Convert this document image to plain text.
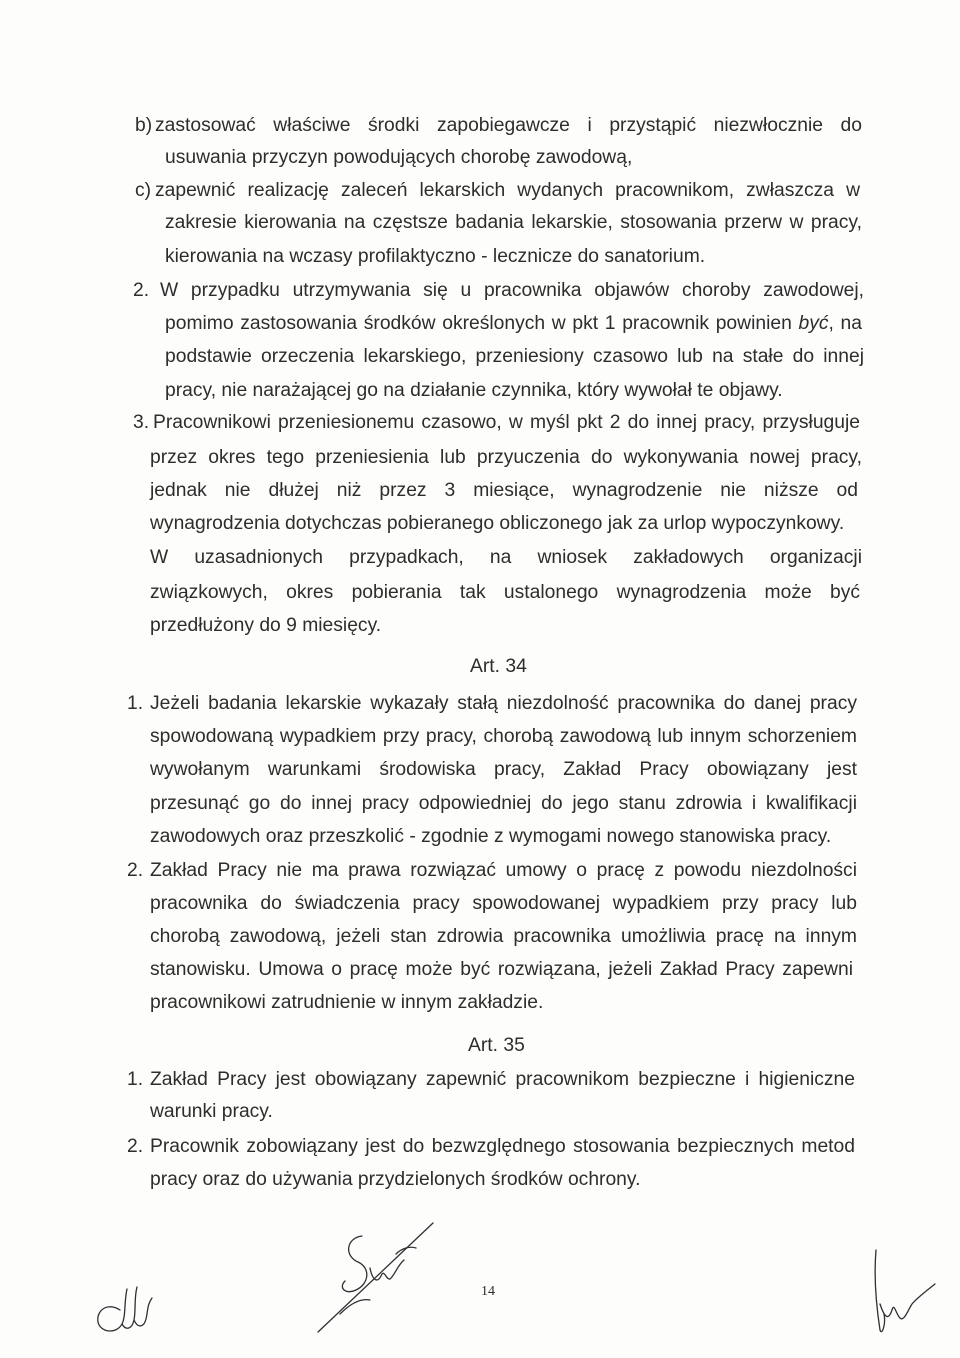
b) zastosować właściwe środki zapobiegawcze i przystąpić niezwłocznie do
usuwania przyczyn powodujących chorobę zawodową,
c) zapewnić realizację zaleceń lekarskich wydanych pracownikom, zwłaszcza w
zakresie kierowania na częstsze badania lekarskie, stosowania przerw w pracy,
kierowania na wczasy profilaktyczno - lecznicze do sanatorium.
2. W przypadku utrzymywania się u pracownika objawów choroby zawodowej,
pomimo zastosowania środków określonych w pkt 1 pracownik powinien być, na
podstawie orzeczenia lekarskiego, przeniesiony czasowo lub na stałe do innej
pracy, nie narażającej go na działanie czynnika, który wywołał te objawy.
3. Pracownikowi przeniesionemu czasowo, w myśl pkt 2 do innej pracy, przysługuje
przez okres tego przeniesienia lub przyuczenia do wykonywania nowej pracy,
jednak nie dłużej niż przez 3 miesiące, wynagrodzenie nie niższe od
wynagrodzenia dotychczas pobieranego obliczonego jak za urlop wypoczynkowy.
W uzasadnionych przypadkach, na wniosek zakładowych organizacji
związkowych, okres pobierania tak ustalonego wynagrodzenia może być
przedłużony do 9 miesięcy.
Art. 34
1. Jeżeli badania lekarskie wykazały stałą niezdolność pracownika do danej pracy
spowodowaną wypadkiem przy pracy, chorobą zawodową lub innym schorzeniem
wywołanym warunkami środowiska pracy, Zakład Pracy obowiązany jest
przesunąć go do innej pracy odpowiedniej do jego stanu zdrowia i kwalifikacji
zawodowych oraz przeszkolić - zgodnie z wymogami nowego stanowiska pracy.
2. Zakład Pracy nie ma prawa rozwiązać umowy o pracę z powodu niezdolności
pracownika do świadczenia pracy spowodowanej wypadkiem przy pracy lub
chorobą zawodową, jeżeli stan zdrowia pracownika umożliwia pracę na innym
stanowisku. Umowa o pracę może być rozwiązana, jeżeli Zakład Pracy zapewni
pracownikowi zatrudnienie w innym zakładzie.
Art. 35
1. Zakład Pracy jest obowiązany zapewnić pracownikom bezpieczne i higieniczne
warunki pracy.
2. Pracownik zobowiązany jest do bezwzględnego stosowania bezpiecznych metod
pracy oraz do używania przydzielonych środków ochrony.
14
